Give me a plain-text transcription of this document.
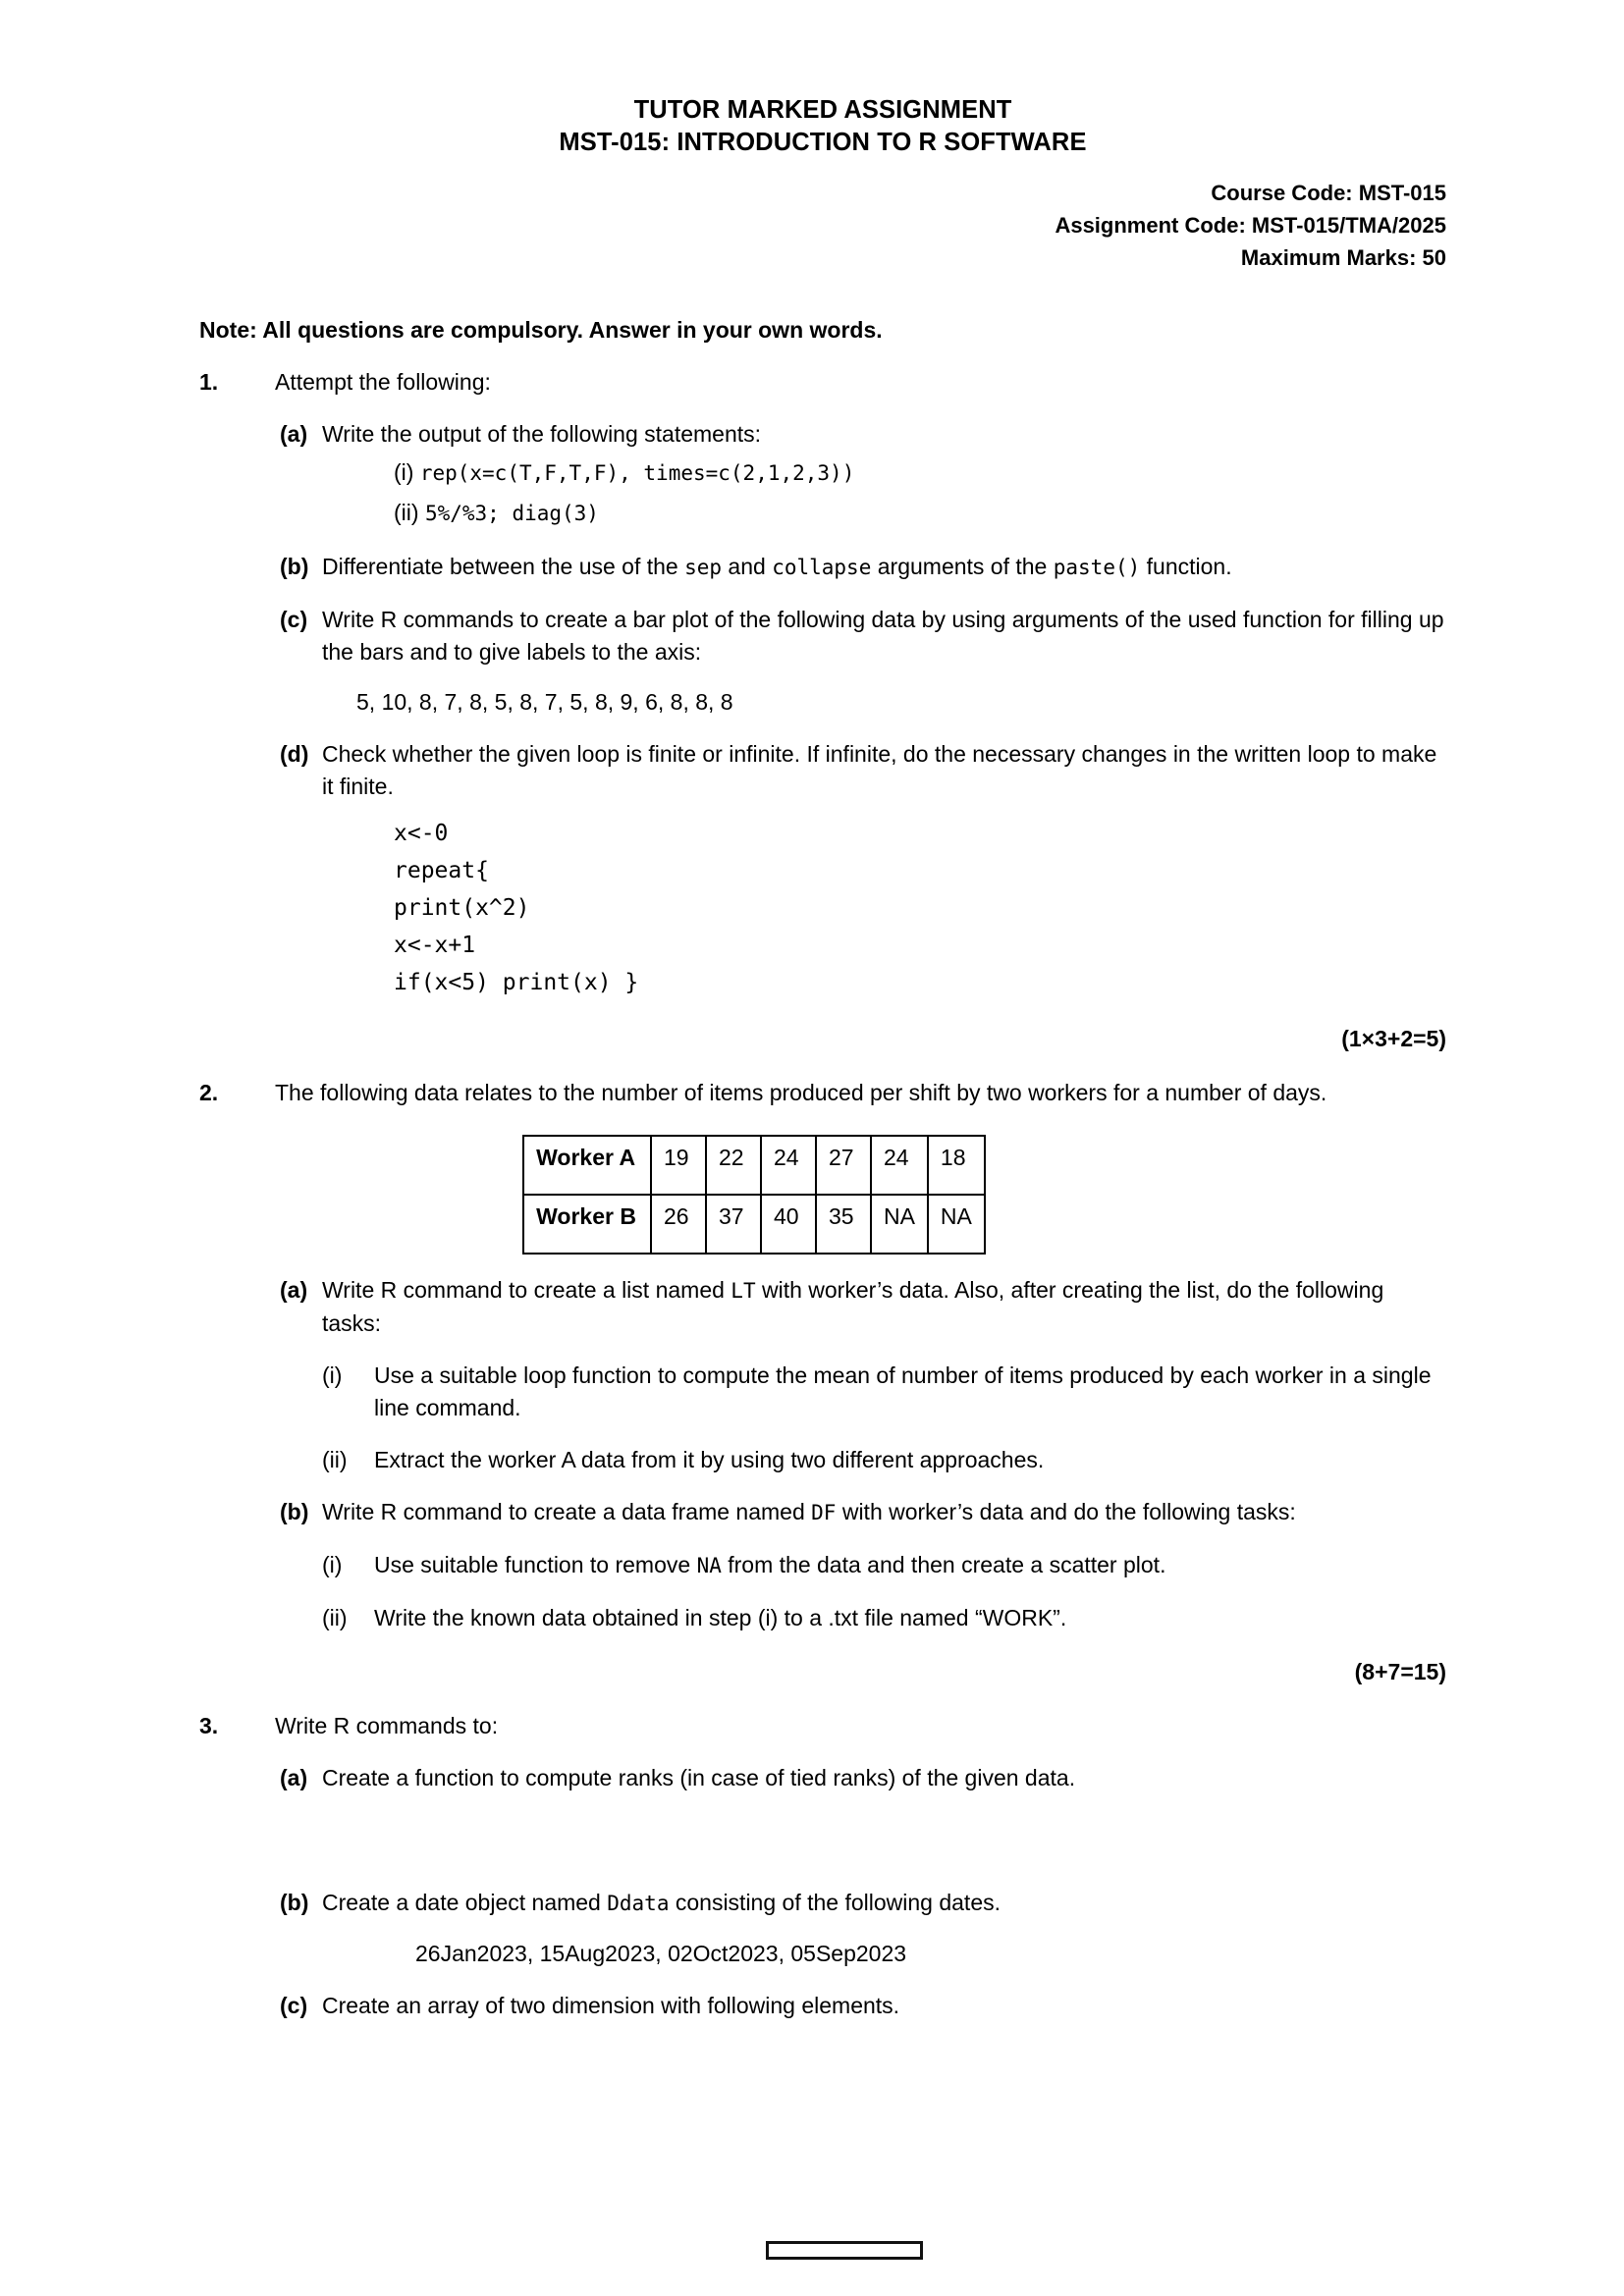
TUTOR MARKED ASSIGNMENT
MST-015: INTRODUCTION TO R SOFTWARE
Course Code: MST-015
Assignment Code: MST-015/TMA/2025
Maximum Marks: 50
Note: All questions are compulsory. Answer in your own words.
1.	Attempt the following:
(a) Write the output of the following statements:
(i) rep(x=c(T,F,T,F), times=c(2,1,2,3))
(ii) 5%/%3; diag(3)
(b) Differentiate between the use of the sep and collapse arguments of the paste() function.
(c) Write R commands to create a bar plot of the following data by using arguments of the used function for filling up the bars and to give labels to the axis:
5, 10, 8, 7, 8, 5, 8, 7, 5, 8, 9, 6, 8, 8, 8
(d) Check whether the given loop is finite or infinite. If infinite, do the necessary changes in the written loop to make it finite.
x<-0
repeat{
print(x^2)
x<-x+1
if(x<5) print(x) }
(1×3+2=5)
2.	The following data relates to the number of items produced per shift by two workers for a number of days.
Worker A	19	22	24	27	24	18
Worker B	26	37	40	35	NA	NA
(a) Write R command to create a list named LT with worker’s data. Also, after creating the list, do the following tasks:
(i)	Use a suitable loop function to compute the mean of number of items produced by each worker in a single line command.
(ii)	Extract the worker A data from it by using two different approaches.
(b) Write R command to create a data frame named DF with worker’s data and do the following tasks:
(i)	Use suitable function to remove NA from the data and then create a scatter plot.
(ii)	Write the known data obtained in step (i) to a .txt file named “WORK”.
(8+7=15)
3.	Write R commands to:
(a) Create a function to compute ranks (in case of tied ranks) of the given data.
(b) Create a date object named Ddata consisting of the following dates.
26Jan2023, 15Aug2023, 02Oct2023, 05Sep2023
(c) Create an array of two dimension with following elements.
